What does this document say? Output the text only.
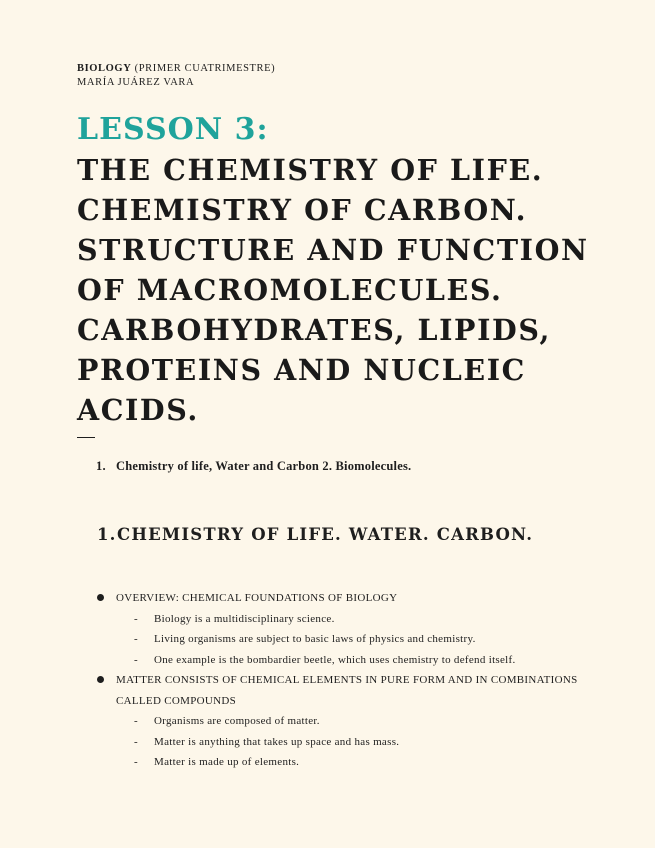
BIOLOGY (PRIMER CUATRIMESTRE)
MARÍA JUÁREZ VARA
LESSON 3:
THE CHEMISTRY OF LIFE.
CHEMISTRY OF CARBON.
STRUCTURE AND FUNCTION
OF MACROMOLECULES.
CARBOHYDRATES, LIPIDS,
PROTEINS AND NUCLEIC
ACIDS.
1. Chemistry of life, Water and Carbon 2. Biomolecules.
1.CHEMISTRY OF LIFE. WATER. CARBON.
OVERVIEW: CHEMICAL FOUNDATIONS OF BIOLOGY
- Biology is a multidisciplinary science.
- Living organisms are subject to basic laws of physics and chemistry.
- One example is the bombardier beetle, which uses chemistry to defend itself.
MATTER CONSISTS OF CHEMICAL ELEMENTS IN PURE FORM AND IN COMBINATIONS CALLED COMPOUNDS
- Organisms are composed of matter.
- Matter is anything that takes up space and has mass.
- Matter is made up of elements.
